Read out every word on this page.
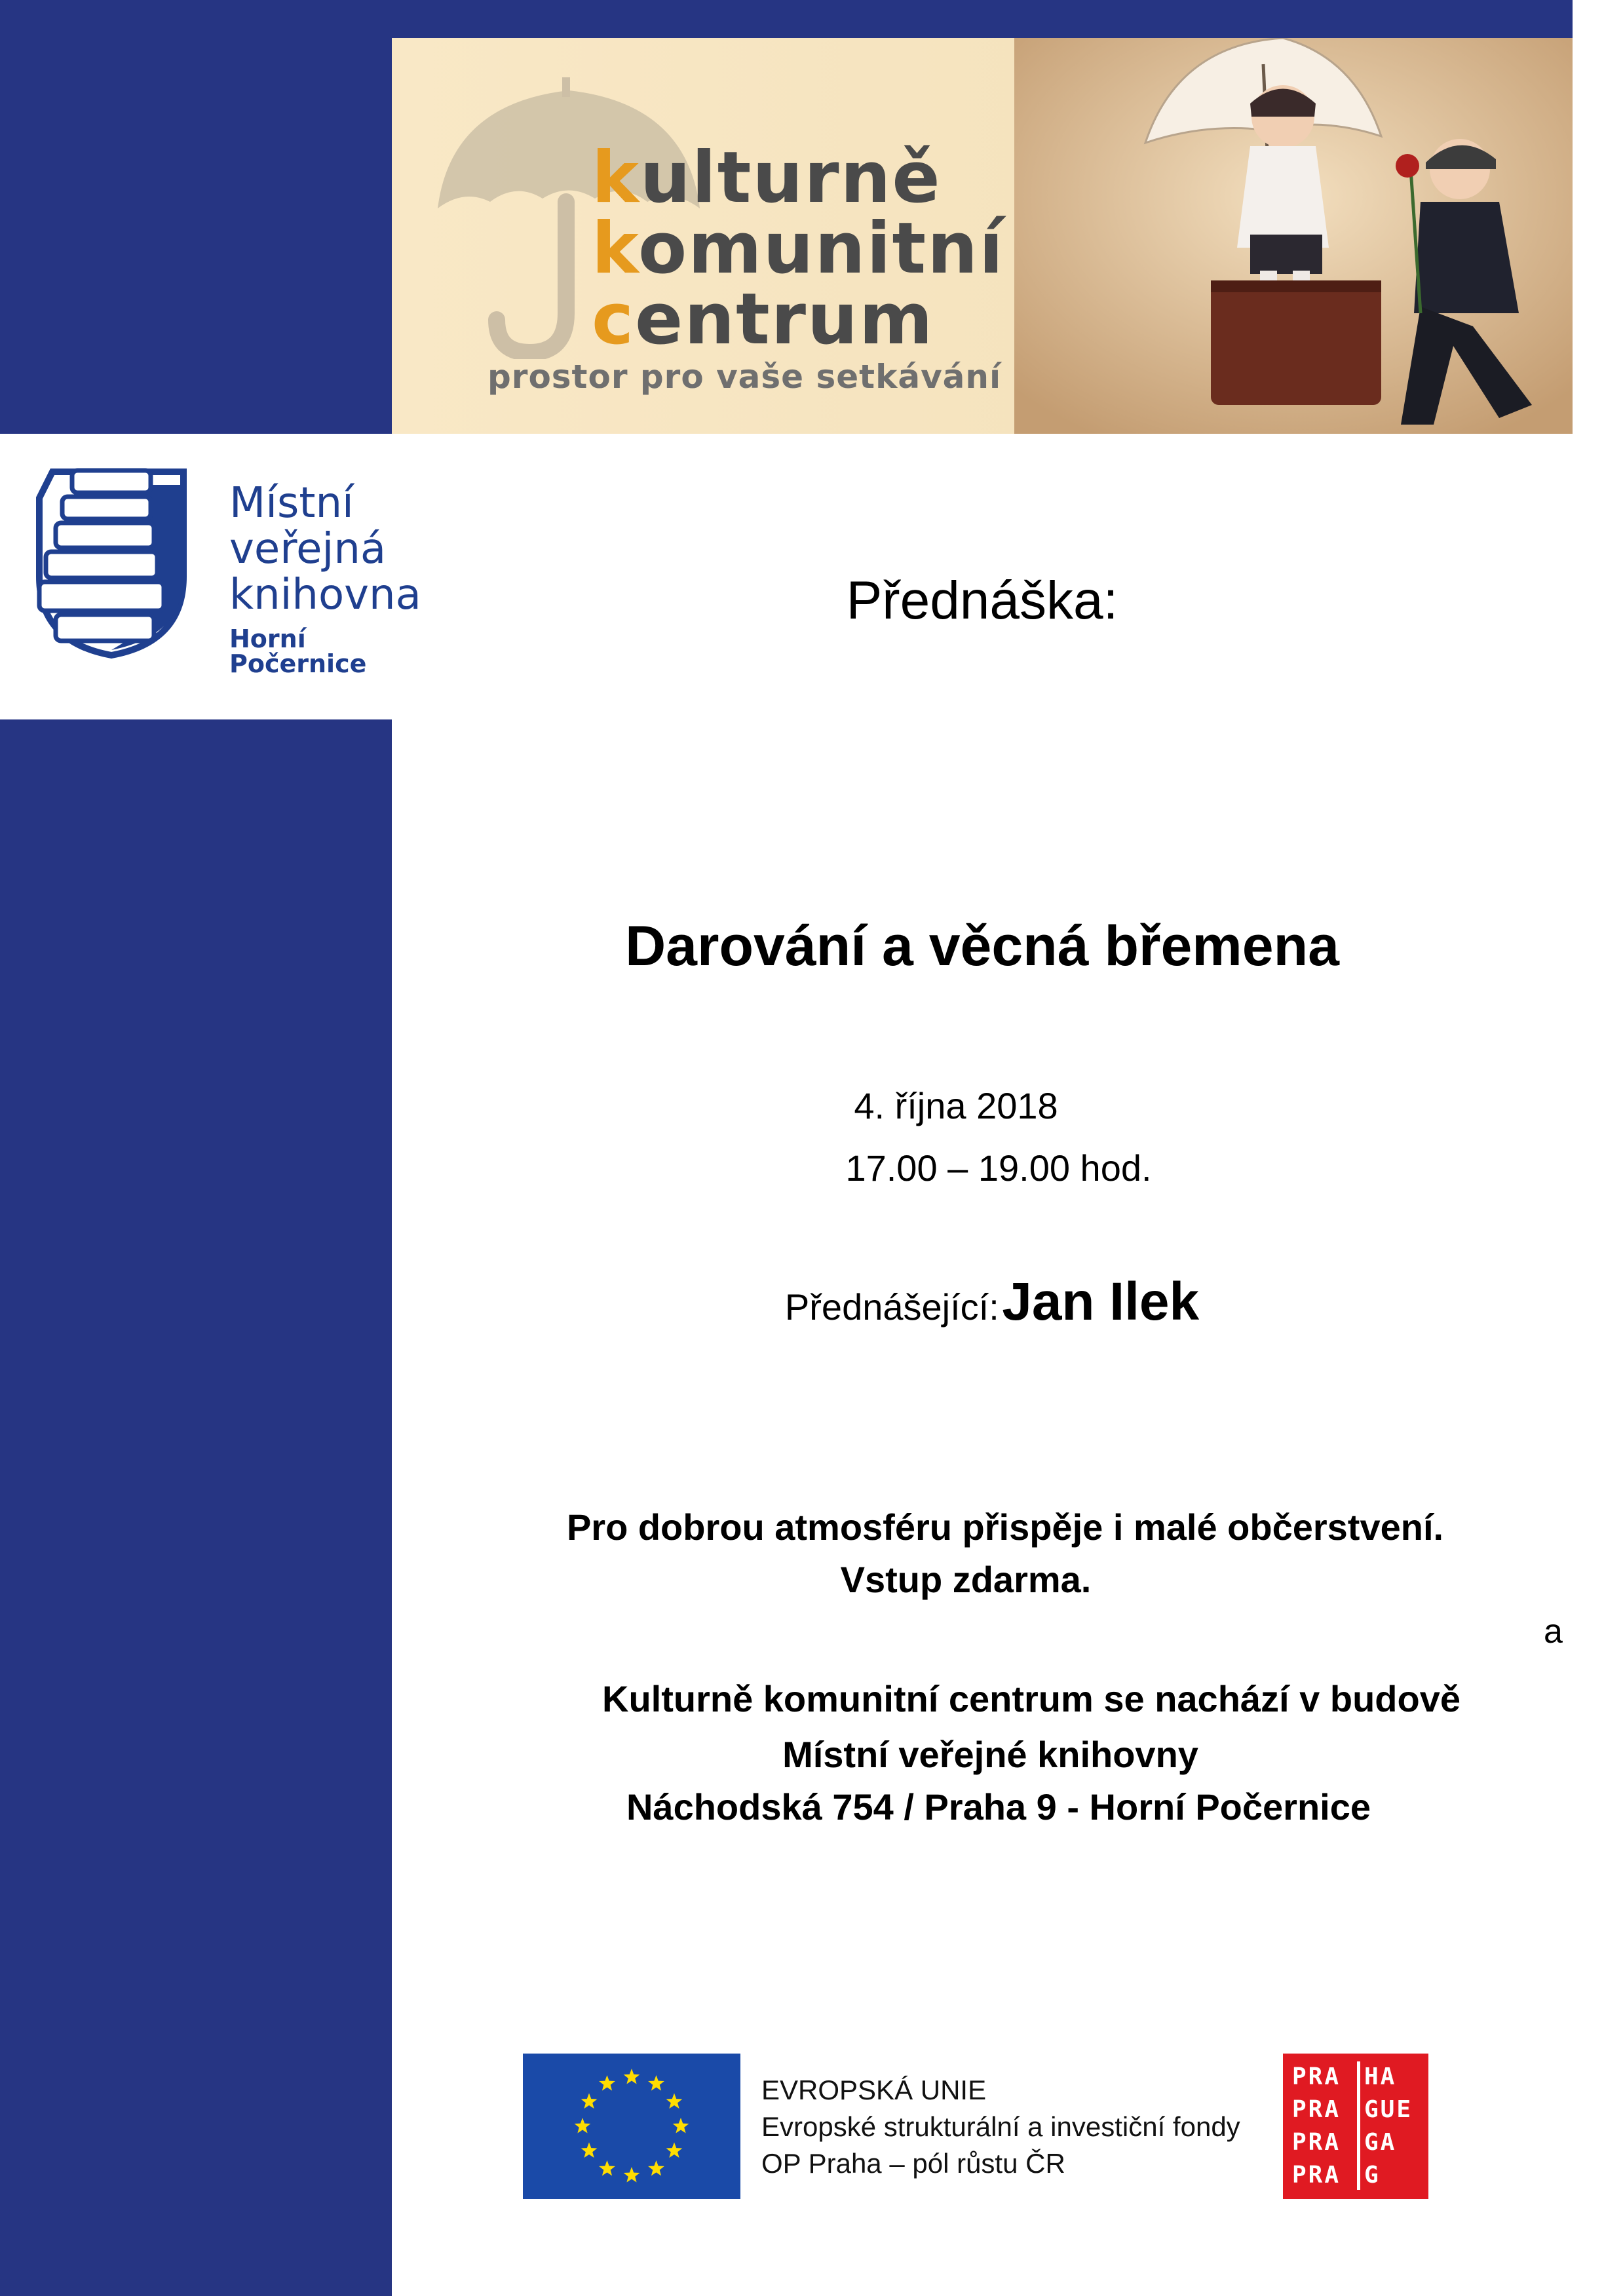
kulturně
komunitní
centrum
prostor pro vaše setkávání
Místní
veřejná
knihovna
Horní Počernice
Přednáška:
Darování a věcná břemena
4. října 2018
17.00 – 19.00 hod.
Přednášející: Jan Ilek
Pro dobrou atmosféru přispěje i malé občerstvení.
Vstup zdarma.
a
Kulturně komunitní centrum se nachází v budově
Místní veřejné knihovny
Náchodská 754 / Praha 9 - Horní Počernice
EVROPSKÁ UNIE
Evropské strukturální a investiční fondy
OP Praha – pól růstu ČR
PRA HA
PRA GUE
PRA GA
PRA G
